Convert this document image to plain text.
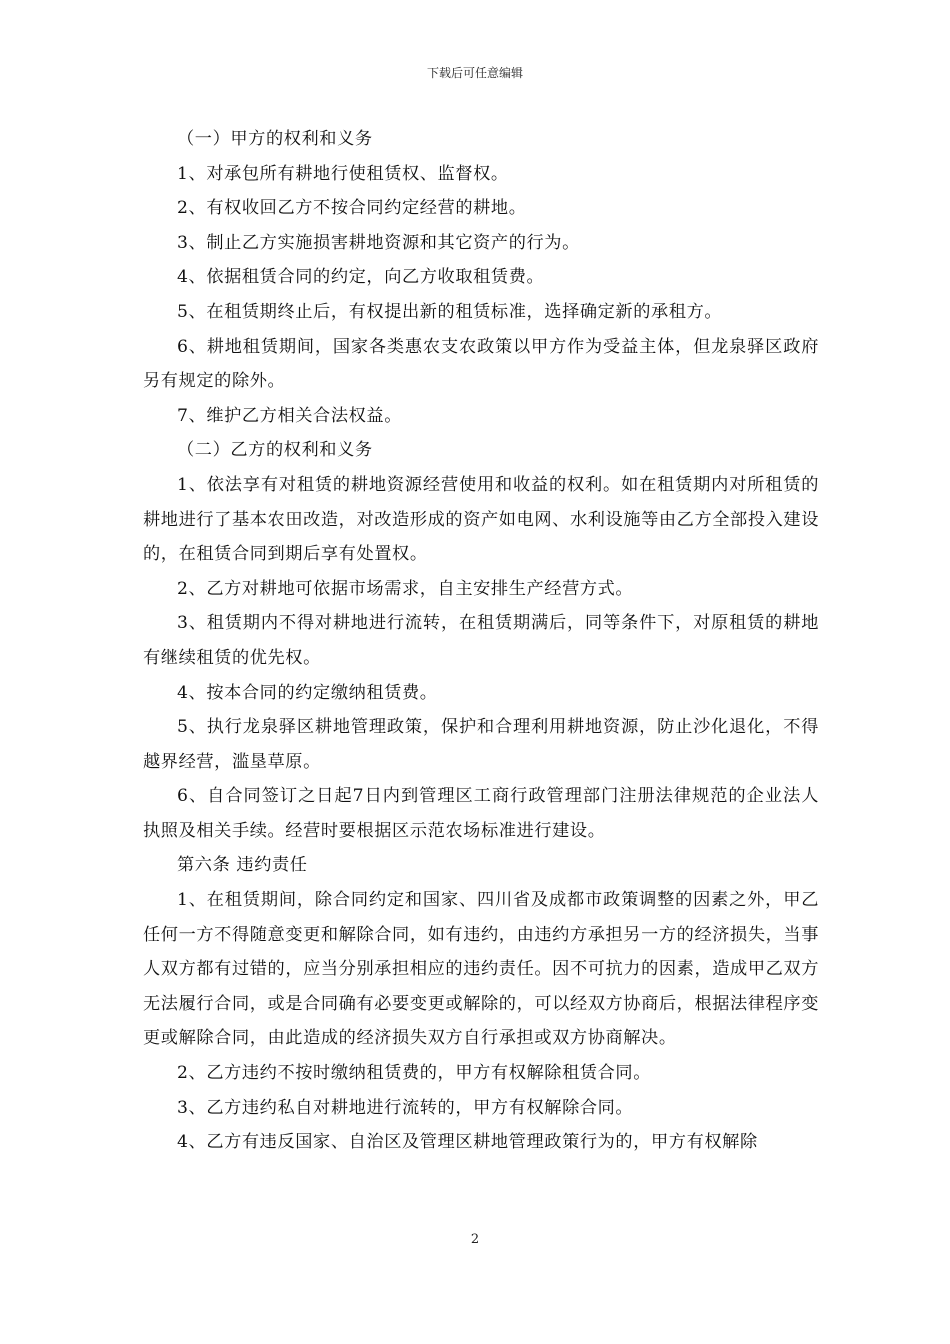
下载后可任意编辑

（一）甲方的权利和义务

1、对承包所有耕地行使租赁权、监督权。

2、有权收回乙方不按合同约定经营的耕地。

3、制止乙方实施损害耕地资源和其它资产的行为。

4、依据租赁合同的约定，向乙方收取租赁费。

5、在租赁期终止后，有权提出新的租赁标准，选择确定新的承租方。

6、耕地租赁期间，国家各类惠农支农政策以甲方作为受益主体，但龙泉驿区政府另有规定的除外。

7、维护乙方相关合法权益。

（二）乙方的权利和义务

1、依法享有对租赁的耕地资源经营使用和收益的权利。如在租赁期内对所租赁的耕地进行了基本农田改造，对改造形成的资产如电网、水利设施等由乙方全部投入建设的，在租赁合同到期后享有处置权。

2、乙方对耕地可依据市场需求，自主安排生产经营方式。

3、租赁期内不得对耕地进行流转，在租赁期满后，同等条件下，对原租赁的耕地有继续租赁的优先权。

4、按本合同的约定缴纳租赁费。

5、执行龙泉驿区耕地管理政策，保护和合理利用耕地资源，防止沙化退化，不得越界经营，滥垦草原。

6、自合同签订之日起7日内到管理区工商行政管理部门注册法律规范的企业法人执照及相关手续。经营时要根据区示范农场标准进行建设。

第六条 违约责任

1、在租赁期间，除合同约定和国家、四川省及成都市政策调整的因素之外，甲乙任何一方不得随意变更和解除合同，如有违约，由违约方承担另一方的经济损失，当事人双方都有过错的，应当分别承担相应的违约责任。因不可抗力的因素，造成甲乙双方无法履行合同，或是合同确有必要变更或解除的，可以经双方协商后，根据法律程序变更或解除合同，由此造成的经济损失双方自行承担或双方协商解决。

2、乙方违约不按时缴纳租赁费的，甲方有权解除租赁合同。

3、乙方违约私自对耕地进行流转的，甲方有权解除合同。

4、乙方有违反国家、自治区及管理区耕地管理政策行为的，甲方有权解除

2
